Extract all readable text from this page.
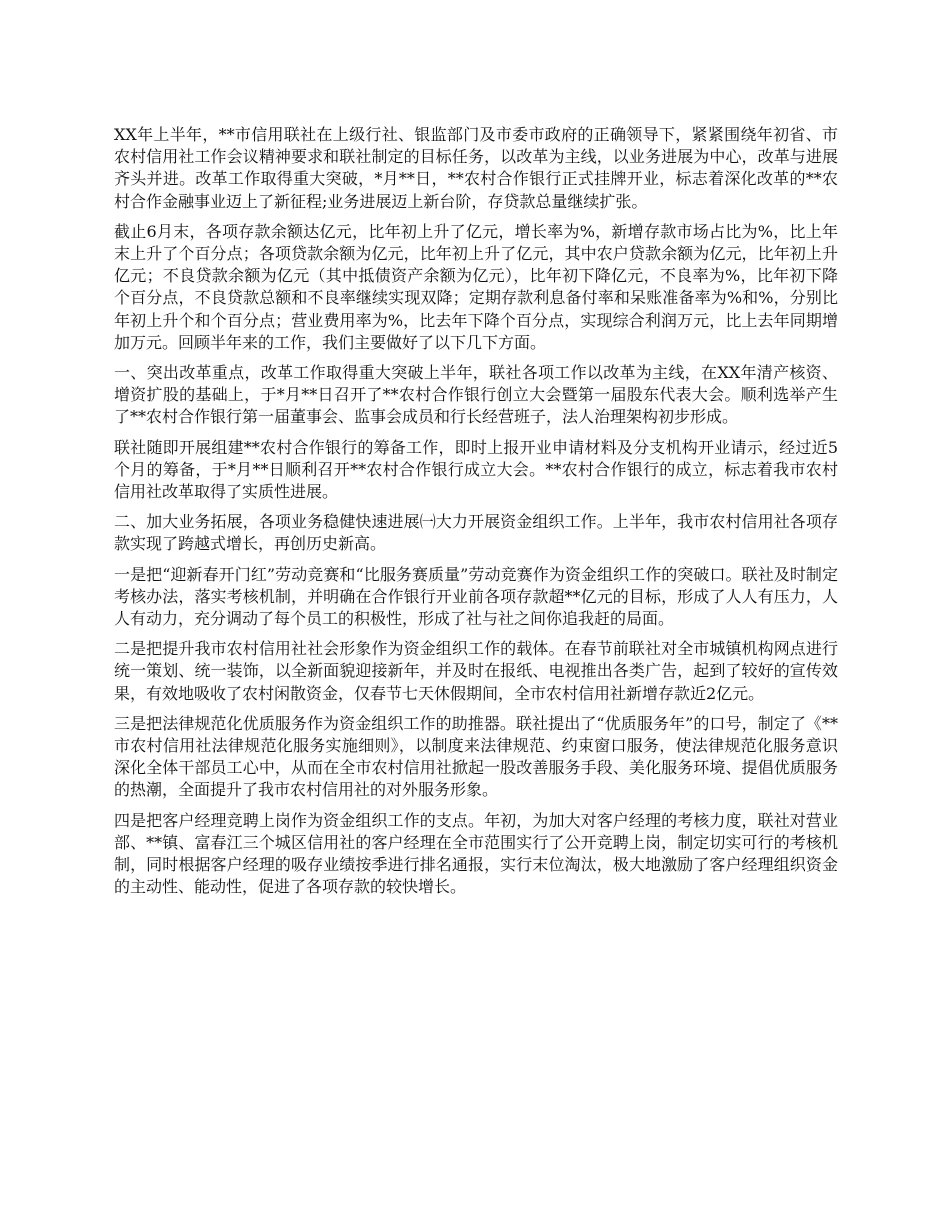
XX年上半年，**市信用联社在上级行社、银监部门及市委市政府的正确领导下，紧紧围绕年初省、市农村信用社工作会议精神要求和联社制定的目标任务，以改革为主线，以业务进展为中心，改革与进展齐头并进。改革工作取得重大突破，*月**日，**农村合作银行正式挂牌开业，标志着深化改革的**农村合作金融事业迈上了新征程;业务进展迈上新台阶，存贷款总量继续扩张。

截止6月末，各项存款余额达亿元，比年初上升了亿元，增长率为%，新增存款市场占比为%，比上年末上升了个百分点；各项贷款余额为亿元，比年初上升了亿元，其中农户贷款余额为亿元，比年初上升亿元；不良贷款余额为亿元（其中抵债资产余额为亿元），比年初下降亿元，不良率为%，比年初下降个百分点，不良贷款总额和不良率继续实现双降；定期存款利息备付率和呆账准备率为%和%，分别比年初上升个和个百分点；营业费用率为%，比去年下降个百分点，实现综合利润万元，比上去年同期增加万元。回顾半年来的工作，我们主要做好了以下几下方面。

一、突出改革重点，改革工作取得重大突破上半年，联社各项工作以改革为主线，在XX年清产核资、增资扩股的基础上，于*月**日召开了**农村合作银行创立大会暨第一届股东代表大会。顺利选举产生了**农村合作银行第一届董事会、监事会成员和行长经营班子，法人治理架构初步形成。

联社随即开展组建**农村合作银行的筹备工作，即时上报开业申请材料及分支机构开业请示，经过近5个月的筹备，于*月**日顺利召开**农村合作银行成立大会。**农村合作银行的成立，标志着我市农村信用社改革取得了实质性进展。

二、加大业务拓展，各项业务稳健快速进展㈠大力开展资金组织工作。上半年，我市农村信用社各项存款实现了跨越式增长，再创历史新高。

一是把“迎新春开门红”劳动竞赛和“比服务赛质量”劳动竞赛作为资金组织工作的突破口。联社及时制定考核办法，落实考核机制，并明确在合作银行开业前各项存款超**亿元的目标，形成了人人有压力，人人有动力，充分调动了每个员工的积极性，形成了社与社之间你追我赶的局面。

二是把提升我市农村信用社社会形象作为资金组织工作的载体。在春节前联社对全市城镇机构网点进行统一策划、统一装饰，以全新面貌迎接新年，并及时在报纸、电视推出各类广告，起到了较好的宣传效果，有效地吸收了农村闲散资金，仅春节七天休假期间，全市农村信用社新增存款近2亿元。

三是把法律规范化优质服务作为资金组织工作的助推器。联社提出了“优质服务年”的口号，制定了《**市农村信用社法律规范化服务实施细则》，以制度来法律规范、约束窗口服务，使法律规范化服务意识深化全体干部员工心中，从而在全市农村信用社掀起一股改善服务手段、美化服务环境、提倡优质服务的热潮，全面提升了我市农村信用社的对外服务形象。

四是把客户经理竞聘上岗作为资金组织工作的支点。年初，为加大对客户经理的考核力度，联社对营业部、**镇、富春江三个城区信用社的客户经理在全市范围实行了公开竞聘上岗，制定切实可行的考核机制，同时根据客户经理的吸存业绩按季进行排名通报，实行末位淘汰，极大地激励了客户经理组织资金的主动性、能动性，促进了各项存款的较快增长。
